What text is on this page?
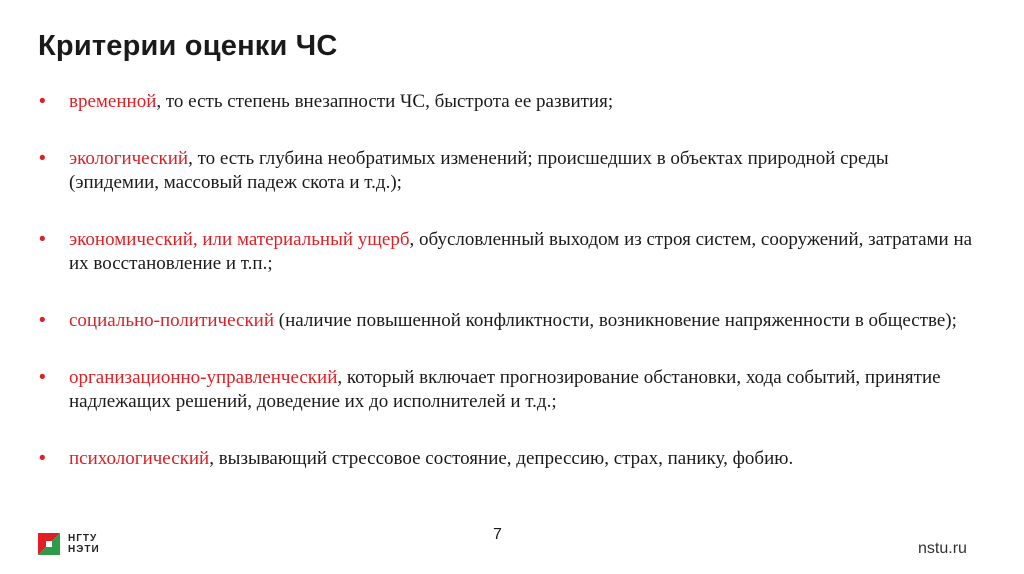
Критерии оценки ЧС
• временной, то есть степень внезапности ЧС, быстрота ее развития;
• экологический, то есть глубина необратимых изменений; происшедших в объектах природной среды (эпидемии, массовый падеж скота и т.д.);
• экономический, или материальный ущерб, обусловленный выходом из строя систем, сооружений, затратами на их восстановление и т.п.;
• социально-политический (наличие повышенной конфликтности, возникновение напряженности в обществе);
• организационно-управленческий, который включает прогнозирование обстановки, хода событий, принятие надлежащих решений, доведение их до исполнителей и т.д.;
• психологический, вызывающий стрессовое состояние, депрессию, страх, панику, фобию.
7
НГТУ
НЭТИ	nstu.ru
